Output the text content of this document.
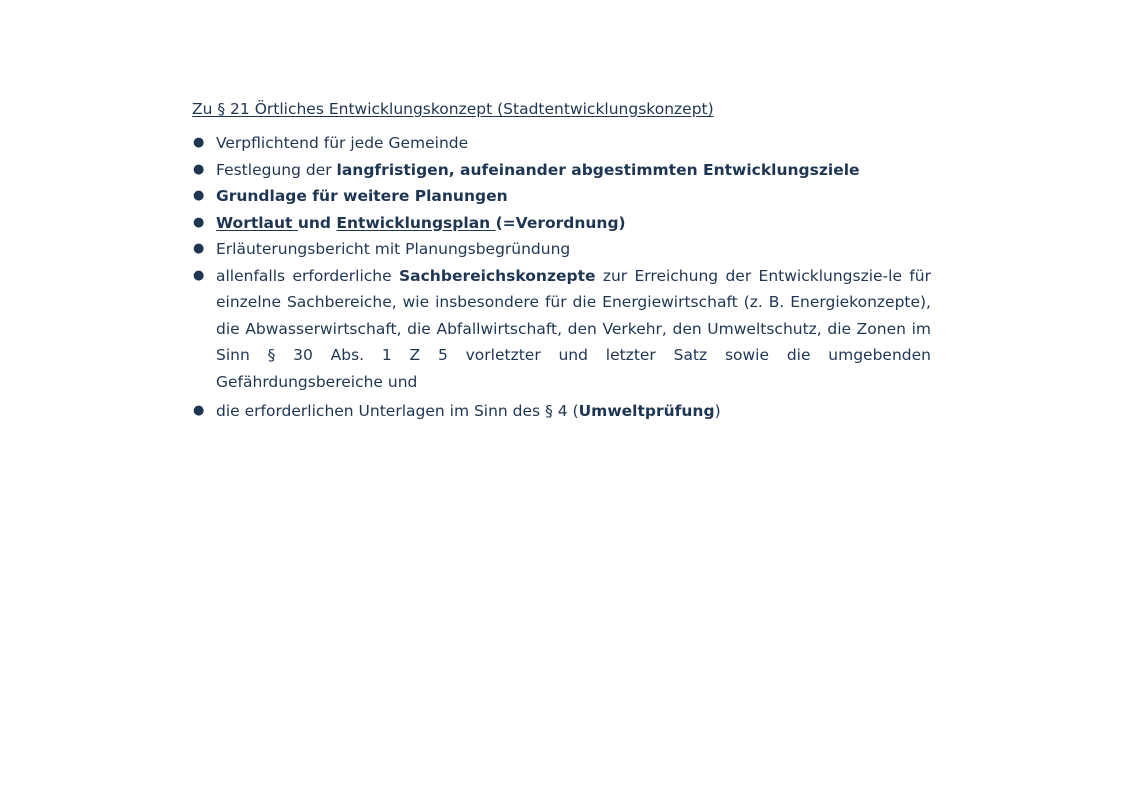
Zu § 21 Örtliches Entwicklungskonzept (Stadtentwicklungskonzept)
● Verpflichtend für jede Gemeinde
● Festlegung der langfristigen, aufeinander abgestimmten Entwicklungsziele
● Grundlage für weitere Planungen
● Wortlaut und Entwicklungsplan (=Verordnung)
● Erläuterungsbericht mit Planungsbegründung
● allenfalls erforderliche Sachbereichskonzepte zur Erreichung der Entwicklungszie-le für einzelne Sachbereiche, wie insbesondere für die Energiewirtschaft (z. B. Energiekonzepte), die Abwasserwirtschaft, die Abfallwirtschaft, den Verkehr, den Umweltschutz, die Zonen im Sinn § 30 Abs. 1 Z 5 vorletzter und letzter Satz sowie die umgebenden Gefährdungsbereiche und
● die erforderlichen Unterlagen im Sinn des § 4 (Umweltprüfung)
